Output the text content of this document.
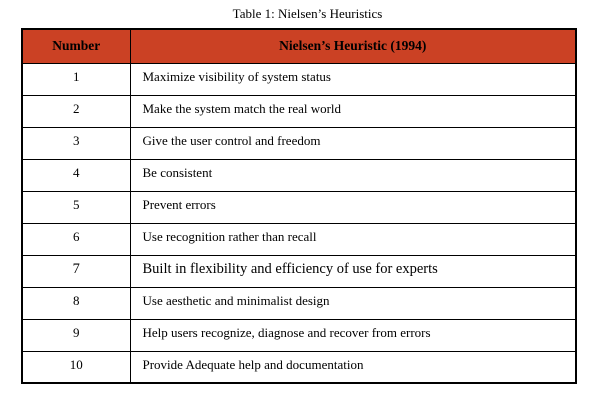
Table 1: Nielsen’s Heuristics
Number	Nielsen’s Heuristic (1994)
1	Maximize visibility of system status
2	Make the system match the real world
3	Give the user control and freedom
4	Be consistent
5	Prevent errors
6	Use recognition rather than recall
7	Built in flexibility and efficiency of use for experts
8	Use aesthetic and minimalist design
9	Help users recognize, diagnose and recover from errors
10	Provide Adequate help and documentation
